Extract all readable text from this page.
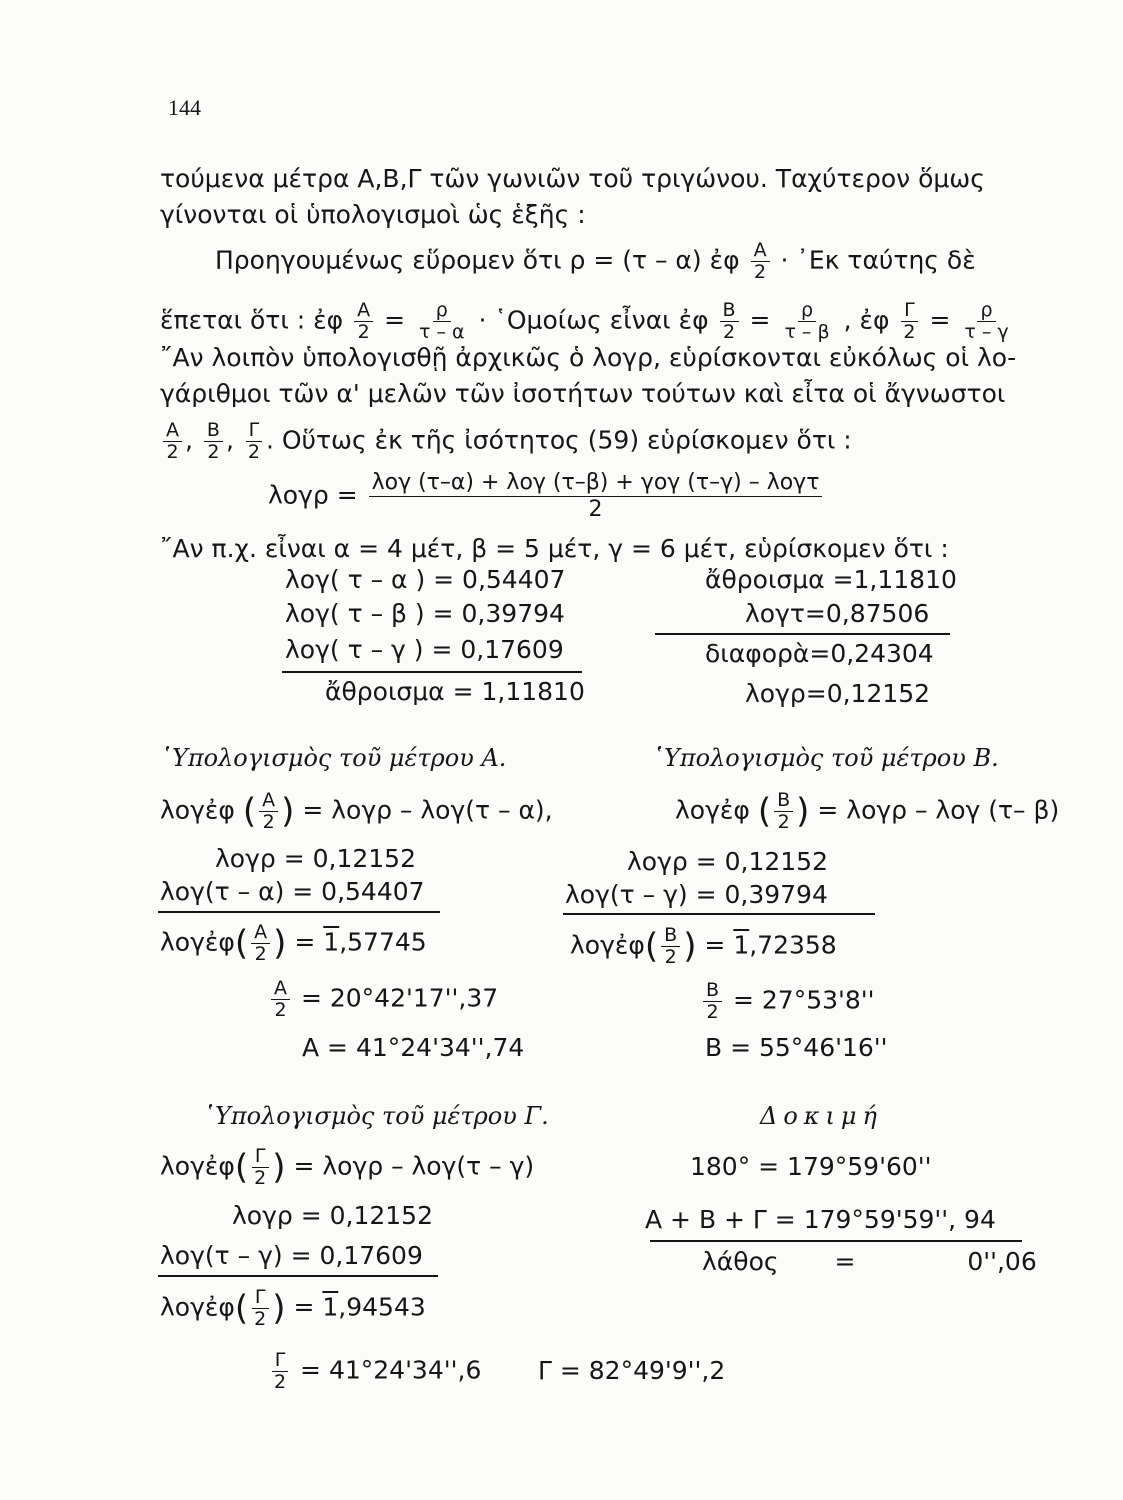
144
τούμενα μέτρα Α,Β,Γ τῶν γωνιῶν τοῦ τριγώνου. Ταχύτερον ὅμως
γίνονται οἱ ὑπολογισμοὶ ὡς ἑξῆς :
Προηγουμένως εὕρομεν ὅτι ρ = (τ – α) ἐφ $\frac{A}{2}$ · ᾿Εκ ταύτης δὲ
ἕπεται ὅτι : ἐφ $\frac{A}{2} = \frac{\rho}{\tau - \alpha}$ · ῾Ομοίως εἶναι ἐφ $\frac{B}{2} = \frac{\rho}{\tau - \beta}$ , ἐφ $\frac{\Gamma}{2} = \frac{\rho}{\tau - \gamma}$
῎Αν λοιπὸν ὑπολογισθῇ ἀρχικῶς ὁ λογρ, εὑρίσκονται εὐκόλως οἱ λο-
γάριθμοι τῶν α' μελῶν τῶν ἰσοτήτων τούτων καὶ εἶτα οἱ ἄγνωστοι
$\frac{A}{2}$ , $\frac{B}{2}$ , $\frac{\Gamma}{2}$ . Οὕτως ἐκ τῆς ἰσότητος (59) εὑρίσκομεν ὅτι :
$\lambda o\gamma\rho = \frac{\text{λογ (τ–α) + λογ (τ–β) + γογ (τ–γ) – λογτ}}{2}$
῎Αν π.χ. εἶναι α = 4 μέτ, β = 5 μέτ, γ = 6 μέτ, εὑρίσκομεν ὅτι :
λογ( τ – α ) = 0,54407
λογ( τ – β ) = 0,39794
λογ( τ – γ ) = 0,17609
ἄθροισμα = 1,11810
ἄθροισμα =1,11810
λογτ=0,87506
διαφορὰ=0,24304
λογρ=0,12152
῾Υπολογισμὸς τοῦ μέτρου Α.	῾Υπολογισμὸς τοῦ μέτρου Β.
λογἐφ ( $\frac{A}{2}$ ) = λογρ – λογ(τ – α),	λογἐφ ( $\frac{B}{2}$ ) = λογρ – λογ (τ– β)
λογρ = 0,12152
λογ(τ – α) = 0,54407
λογἐφ( $\frac{A}{2}$ ) = 1,57745
$\frac{A}{2} = 20^\circ 42'17'',37$
Α = 41°24'34'',74
λογρ = 0,12152
λογ(τ – γ) = 0,39794
λογἐφ( $\frac{B}{2}$ ) = 1,72358
$\frac{B}{2} = 27^\circ 53'8''$
Β = 55°46'16''
῾Υπολογισμὸς τοῦ μέτρου Γ.	Δοκιμή
λογἐφ( $\frac{\Gamma}{2}$ ) = λογρ – λογ(τ – γ)
λογρ = 0,12152
λογ(τ – γ) = 0,17609
λογἐφ( $\frac{\Gamma}{2}$ ) = 1,94543
$\frac{\Gamma}{2} = 41^\circ 24'34'',6$ Γ = 82°49'9'',2
180° = 179°59'60''
Α + Β + Γ = 179°59'59'', 94
λάθος =	0'',06
